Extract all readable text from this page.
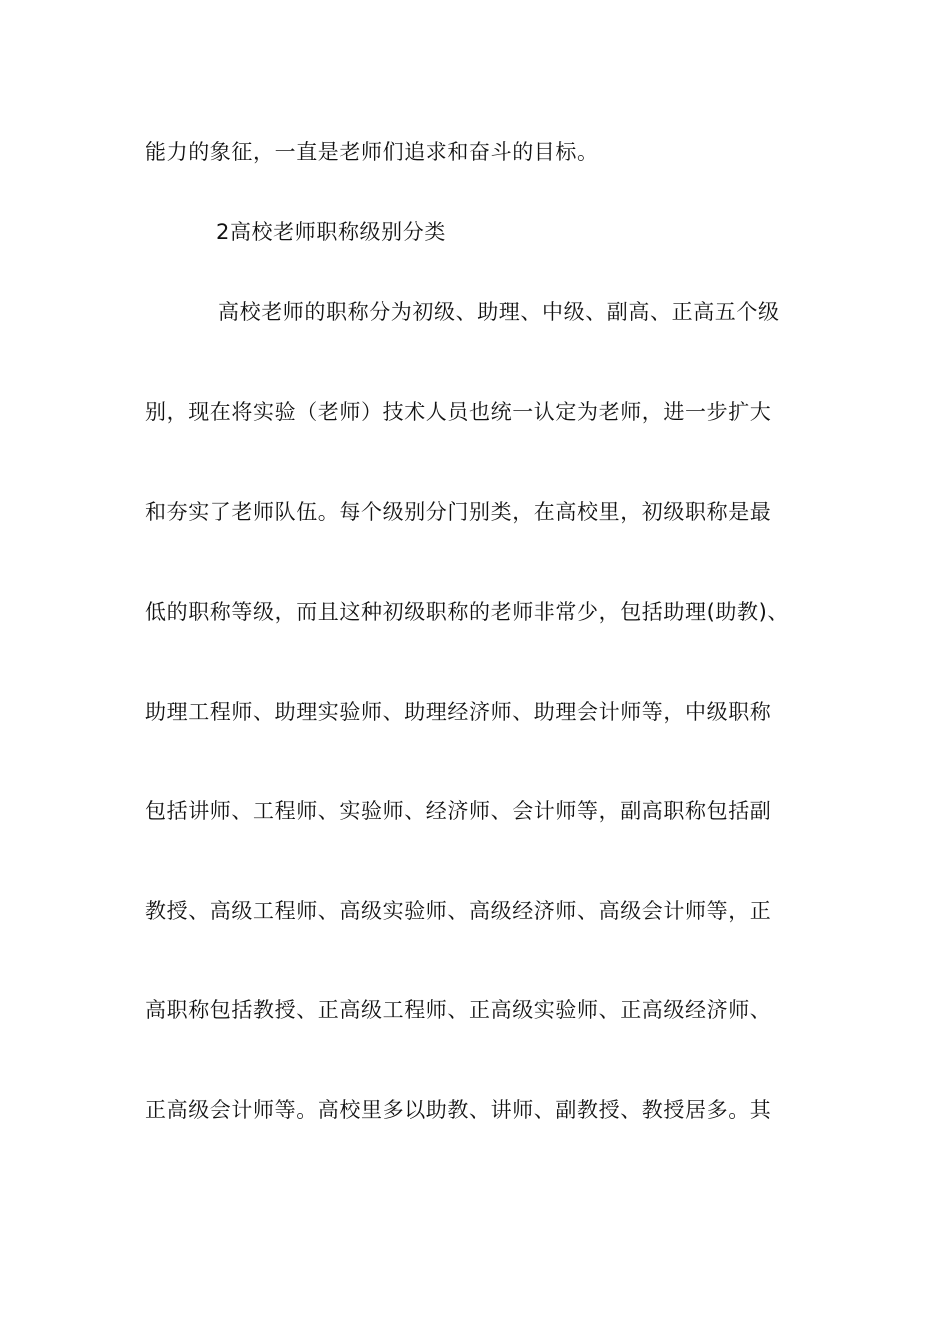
能力的象征，一直是老师们追求和奋斗的目标。
2高校老师职称级别分类
高校老师的职称分为初级、助理、中级、副高、正高五个级
别，现在将实验（老师）技术人员也统一认定为老师，进一步扩大
和夯实了老师队伍。每个级别分门别类，在高校里，初级职称是最
低的职称等级，而且这种初级职称的老师非常少，包括助理(助教)、
助理工程师、助理实验师、助理经济师、助理会计师等，中级职称
包括讲师、工程师、实验师、经济师、会计师等，副高职称包括副
教授、高级工程师、高级实验师、高级经济师、高级会计师等，正
高职称包括教授、正高级工程师、正高级实验师、正高级经济师、
正高级会计师等。高校里多以助教、讲师、副教授、教授居多。其
